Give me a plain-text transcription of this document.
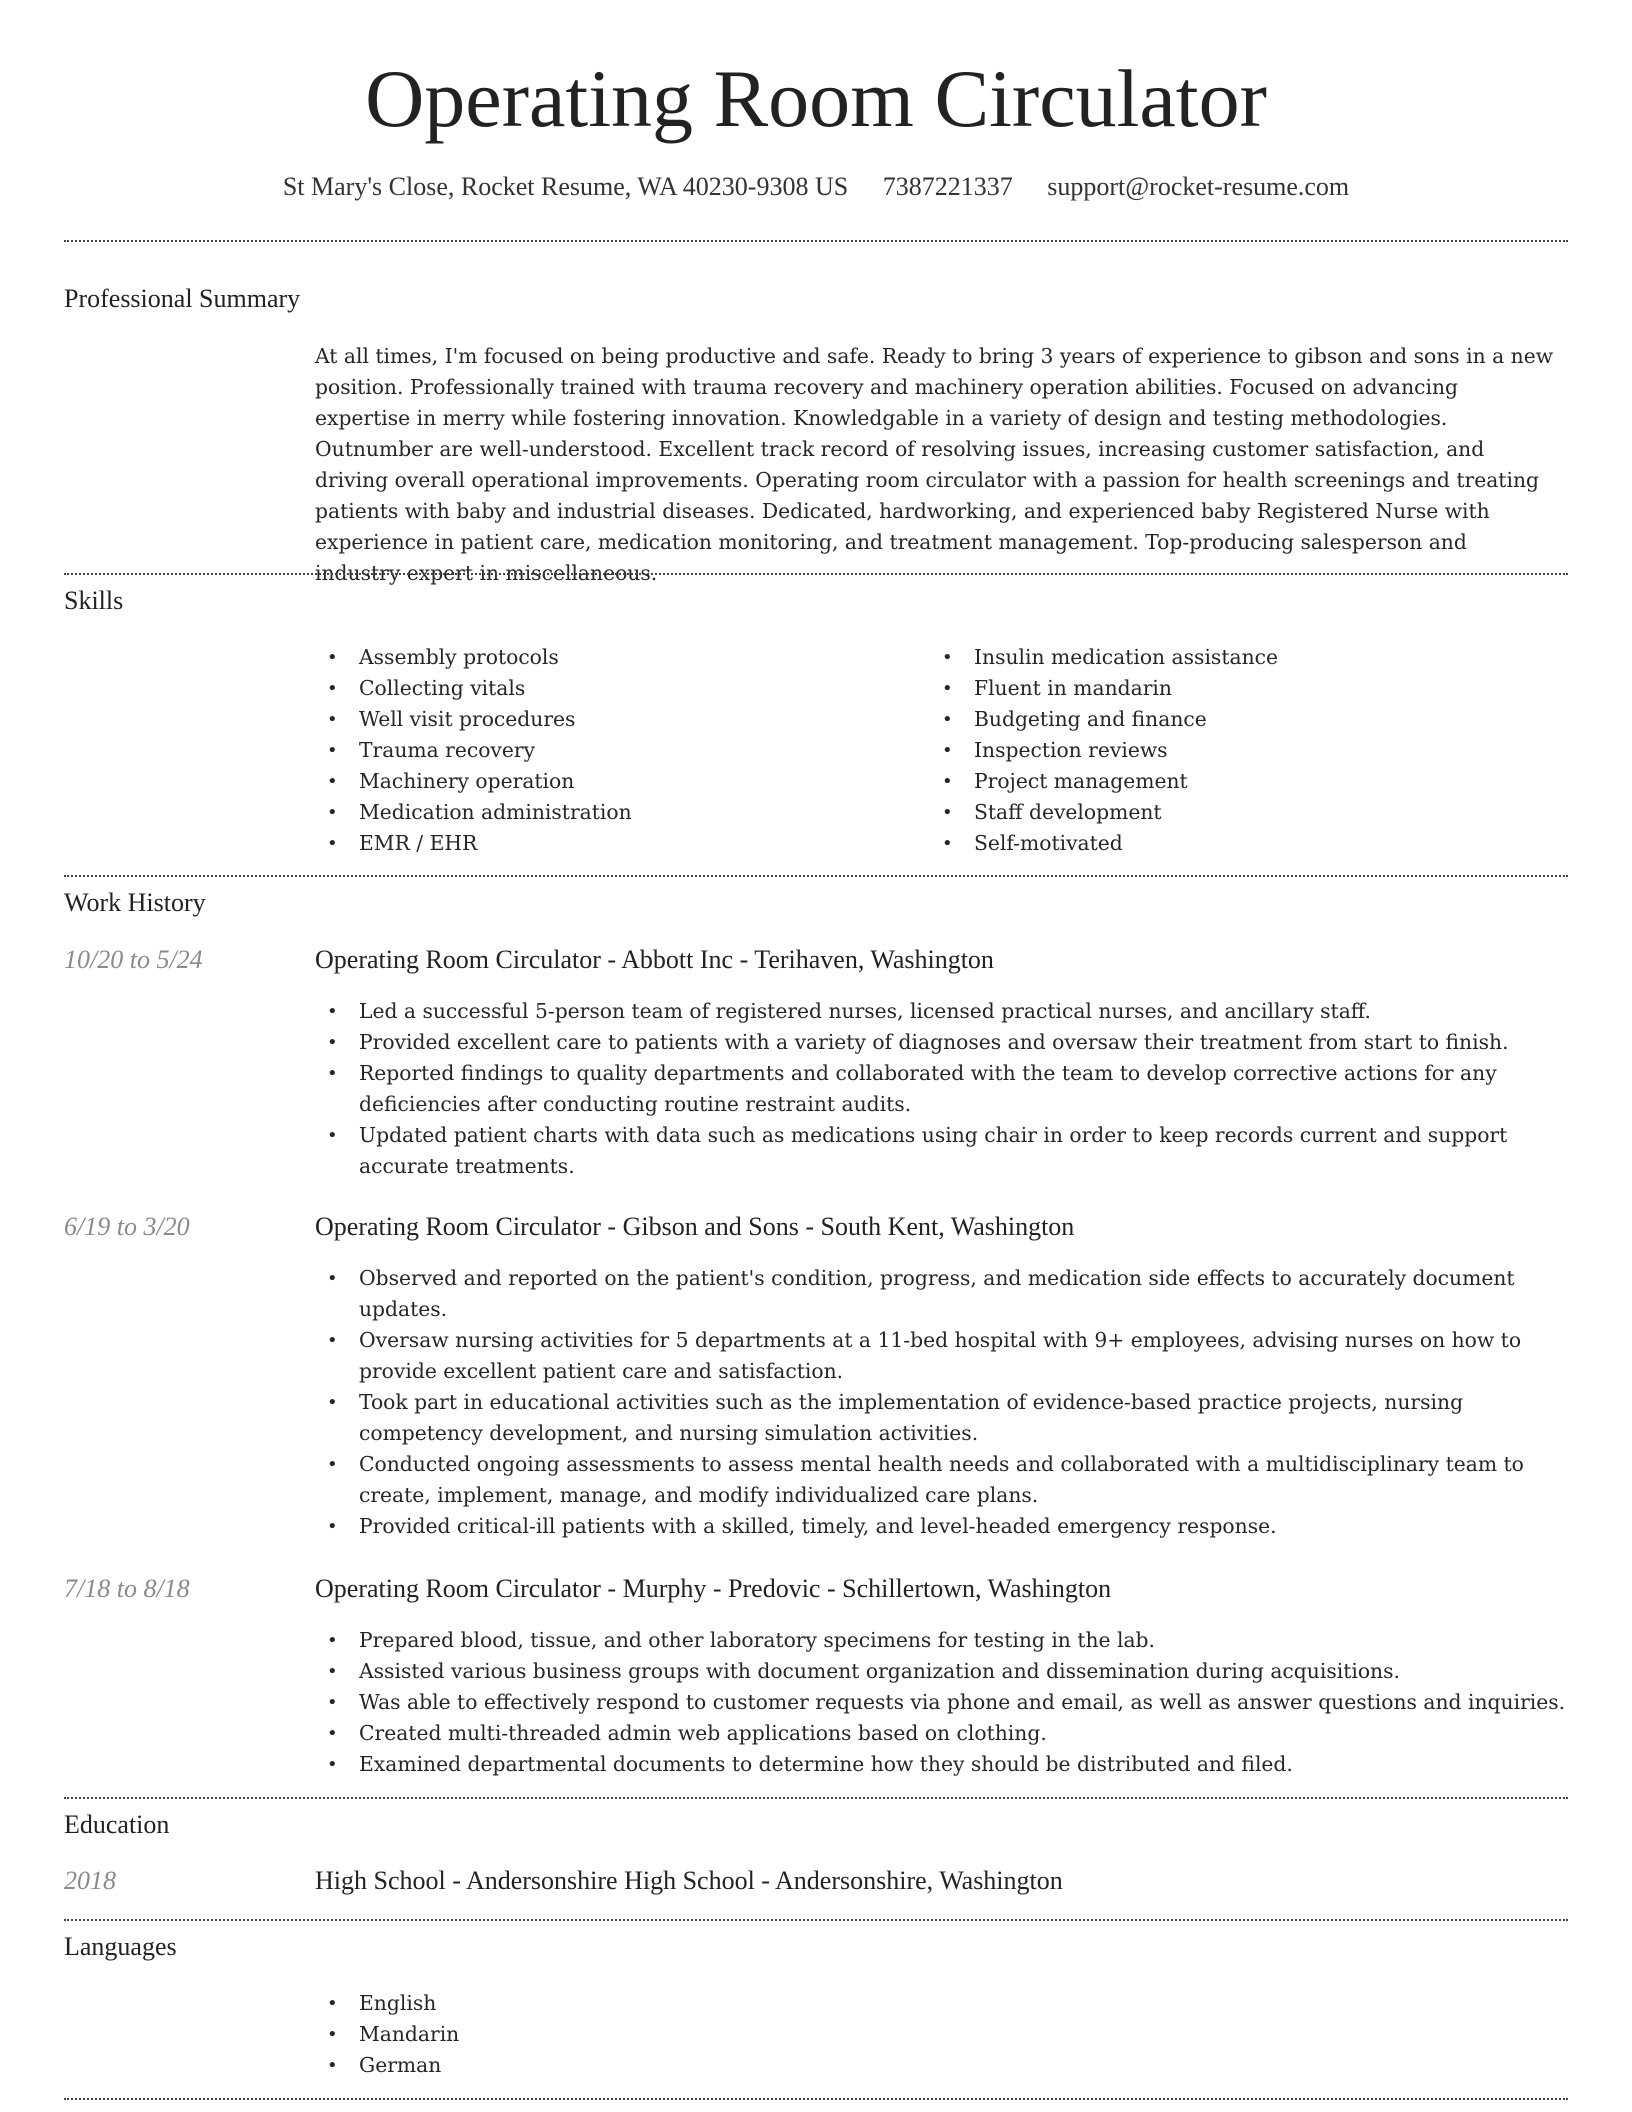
Operating Room Circulator
St Mary's Close, Rocket Resume, WA 40230-9308 US 7387221337 support@rocket-resume.com
Professional Summary

At all times, I'm focused on being productive and safe. Ready to bring 3 years of experience to gibson and sons in a new position. Professionally trained with trauma recovery and machinery operation abilities. Focused on advancing expertise in merry while fostering innovation. Knowledgable in a variety of design and testing methodologies. Outnumber are well-understood. Excellent track record of resolving issues, increasing customer satisfaction, and driving overall operational improvements. Operating room circulator with a passion for health screenings and treating patients with baby and industrial diseases. Dedicated, hardworking, and experienced baby Registered Nurse with experience in patient care, medication monitoring, and treatment management. Top-producing salesperson and industry expert in miscellaneous.

Skills
• Assembly protocols
• Collecting vitals
• Well visit procedures
• Trauma recovery
• Machinery operation
• Medication administration
• EMR / EHR
• Insulin medication assistance
• Fluent in mandarin
• Budgeting and finance
• Inspection reviews
• Project management
• Staff development
• Self-motivated
Work History
10/20 to 5/24	Operating Room Circulator - Abbott Inc - Terihaven, Washington
• Led a successful 5-person team of registered nurses, licensed practical nurses, and ancillary staff.
• Provided excellent care to patients with a variety of diagnoses and oversaw their treatment from start to finish.
• Reported findings to quality departments and collaborated with the team to develop corrective actions for any deficiencies after conducting routine restraint audits.
• Updated patient charts with data such as medications using chair in order to keep records current and support accurate treatments.
6/19 to 3/20	Operating Room Circulator - Gibson and Sons - South Kent, Washington
• Observed and reported on the patient's condition, progress, and medication side effects to accurately document updates.
• Oversaw nursing activities for 5 departments at a 11-bed hospital with 9+ employees, advising nurses on how to provide excellent patient care and satisfaction.
• Took part in educational activities such as the implementation of evidence-based practice projects, nursing competency development, and nursing simulation activities.
• Conducted ongoing assessments to assess mental health needs and collaborated with a multidisciplinary team to create, implement, manage, and modify individualized care plans.
• Provided critical-ill patients with a skilled, timely, and level-headed emergency response.
7/18 to 8/18	Operating Room Circulator - Murphy - Predovic - Schillertown, Washington
• Prepared blood, tissue, and other laboratory specimens for testing in the lab.
• Assisted various business groups with document organization and dissemination during acquisitions.
• Was able to effectively respond to customer requests via phone and email, as well as answer questions and inquiries.
• Created multi-threaded admin web applications based on clothing.
• Examined departmental documents to determine how they should be distributed and filed.
Education
2018	High School - Andersonshire High School - Andersonshire, Washington
Languages
• English
• Mandarin
• German
